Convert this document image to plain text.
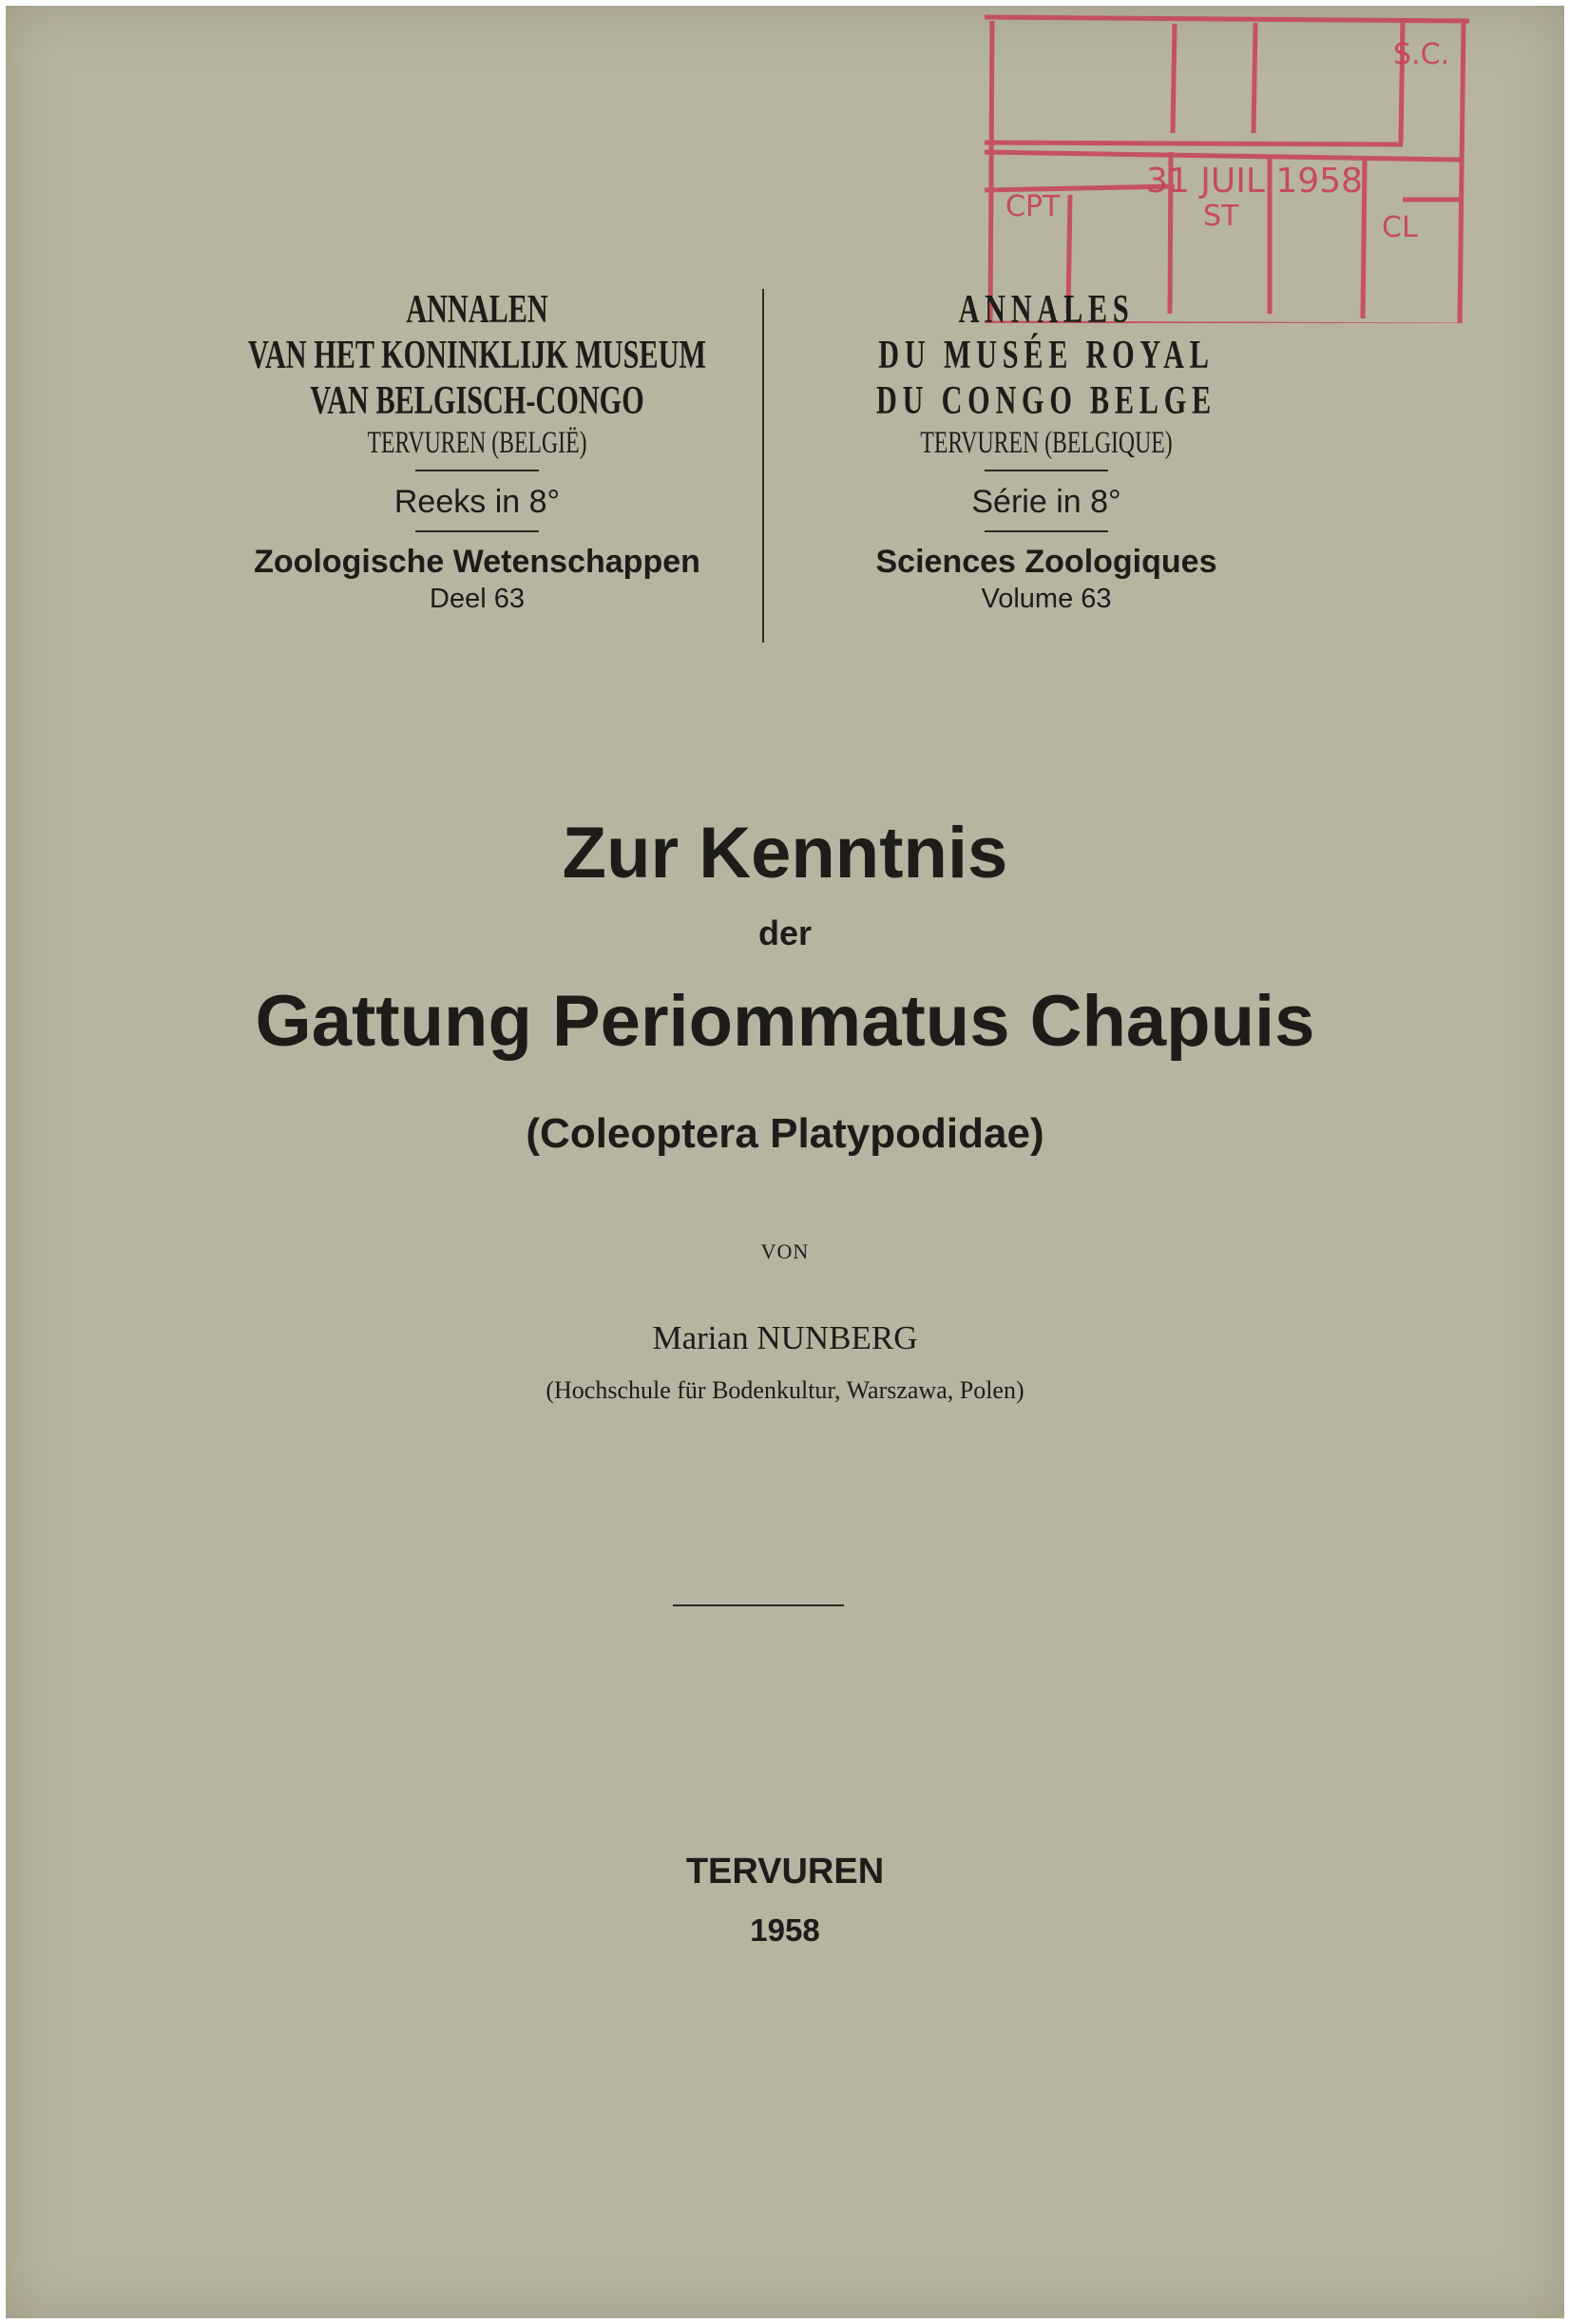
S.C.
CPT
31 JUIL 1958
ST	CL
ANNALEN
VAN HET KONINKLIJK MUSEUM
VAN BELGISCH-CONGO
TERVUREN (BELGIË)
Reeks in 8°
Zoologische Wetenschappen
Deel 63
ANNALES
DU MUSÉE ROYAL
DU CONGO BELGE
TERVUREN (BELGIQUE)
Série in 8°
Sciences Zoologiques
Volume 63
Zur Kenntnis
der
Gattung Periommatus Chapuis
(Coleoptera Platypodidae)
VON
Marian NUNBERG
(Hochschule für Bodenkultur, Warszawa, Polen)
TERVUREN
1958
